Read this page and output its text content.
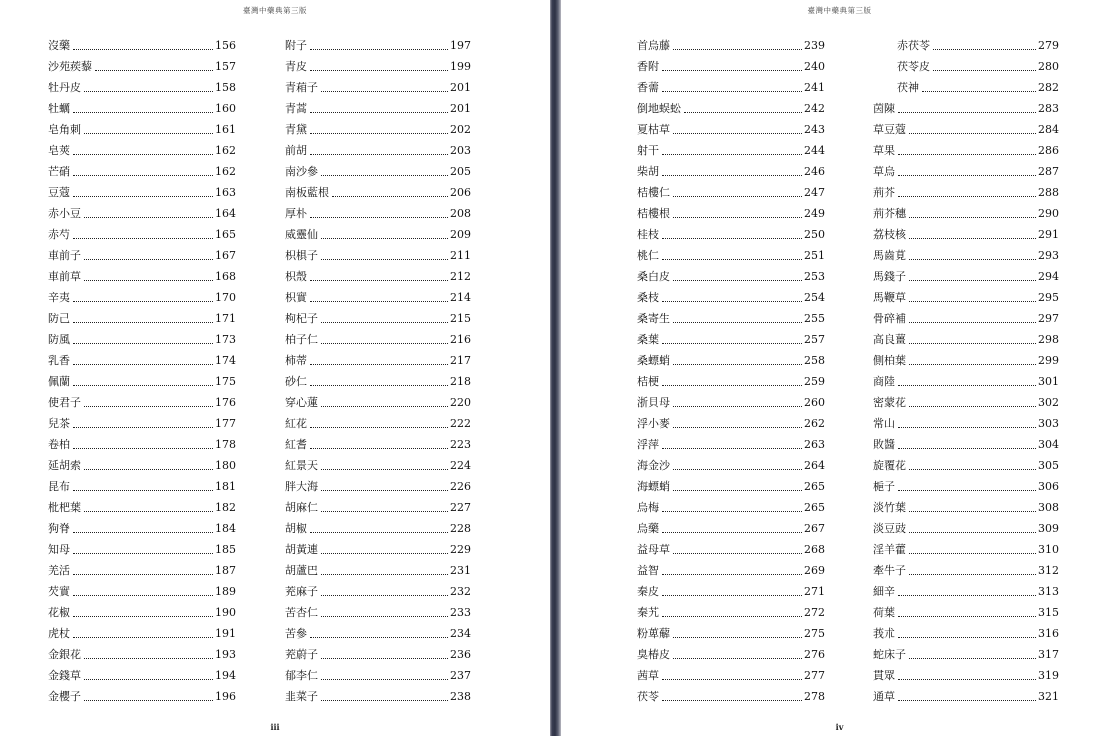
臺灣中藥典第三版
沒藥	156
沙苑蒺藜	157
牡丹皮	158
牡蠣	160
皂角刺	161
皂莢	162
芒硝	162
豆蔻	163
赤小豆	164
赤芍	165
車前子	167
車前草	168
辛夷	170
防己	171
防風	173
乳香	174
佩蘭	175
使君子	176
兒茶	177
卷柏	178
延胡索	180
昆布	181
枇杷葉	182
狗脊	184
知母	185
羌活	187
芡實	189
花椒	190
虎杖	191
金銀花	193
金錢草	194
金櫻子	196
附子	197
青皮	199
青葙子	201
青蒿	201
青黛	202
前胡	203
南沙參	205
南板藍根	206
厚朴	208
威靈仙	209
枳椇子	211
枳殼	212
枳實	214
枸杞子	215
柏子仁	216
柿蒂	217
砂仁	218
穿心蓮	220
紅花	222
紅耆	223
紅景天	224
胖大海	226
胡麻仁	227
胡椒	228
胡黃連	229
胡蘆巴	231
茺麻子	232
苦杏仁	233
苦參	234
茺蔚子	236
郁李仁	237
韭菜子	238
iii
臺灣中藥典第三版
首烏藤	239
香附	240
香薷	241
倒地蜈蚣	242
夏枯草	243
射干	244
柴胡	246
桔樓仁	247
桔樓根	249
桂枝	250
桃仁	251
桑白皮	253
桑枝	254
桑寄生	255
桑葉	257
桑螵蛸	258
桔梗	259
浙貝母	260
浮小麥	262
浮萍	263
海金沙	264
海螵蛸	265
烏梅	265
烏藥	267
益母草	268
益智	269
秦皮	271
秦艽	272
粉萆薢	275
臭椿皮	276
茜草	277
茯苓	278
赤茯苓	279
茯苓皮	280
茯神	282
茵陳	283
草豆蔻	284
草果	286
草烏	287
荊芥	288
荊芥穗	290
荔枝核	291
馬齒莧	293
馬錢子	294
馬鞭草	295
骨碎補	297
高良薑	298
側柏葉	299
商陸	301
密蒙花	302
常山	303
敗醬	304
旋覆花	305
梔子	306
淡竹葉	308
淡豆豉	309
淫羊藿	310
牽牛子	312
細辛	313
荷葉	315
莪朮	316
蛇床子	317
貫眾	319
通草	321
iv
